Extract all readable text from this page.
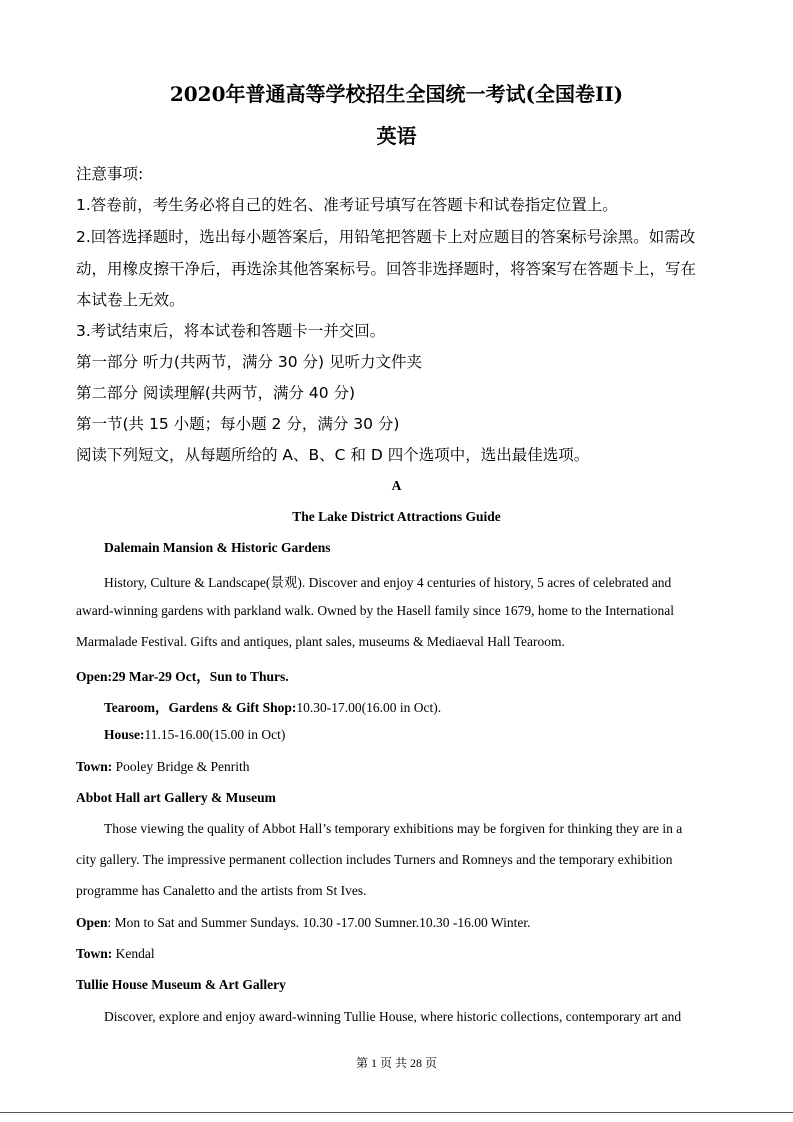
2020年普通高等学校招生全国统一考试(全国卷II)
英语
注意事项:
1.答卷前，考生务必将自己的姓名、准考证号填写在答题卡和试卷指定位置上。
2.回答选择题时，选出每小题答案后，用铅笔把答题卡上对应题目的答案标号涂黑。如需改
动，用橡皮擦干净后，再选涂其他答案标号。回答非选择题时，将答案写在答题卡上，写在
本试卷上无效。
3.考试结束后，将本试卷和答题卡一并交回。
第一部分 听力(共两节，满分 30 分) 见听力文件夹
第二部分 阅读理解(共两节，满分 40 分)
第一节(共 15 小题；每小题 2 分，满分 30 分)
阅读下列短文，从每题所给的 A、B、C 和 D 四个选项中，选出最佳选项。
A
The Lake District Attractions Guide
Dalemain Mansion & Historic Gardens
History, Culture & Landscape(景观). Discover and enjoy 4 centuries of history, 5 acres of celebrated and
award-winning gardens with parkland walk. Owned by the Hasell family since 1679, home to the International
Marmalade Festival. Gifts and antiques, plant sales, museums & Mediaeval Hall Tearoom.
Open:29 Mar-29 Oct，Sun to Thurs.
Tearoom，Gardens & Gift Shop:10.30-17.00(16.00 in Oct).
House:11.15-16.00(15.00 in Oct)
Town: Pooley Bridge & Penrith
Abbot Hall art Gallery & Museum
Those viewing the quality of Abbot Hall’s temporary exhibitions may be forgiven for thinking they are in a
city gallery. The impressive permanent collection includes Turners and Romneys and the temporary exhibition
programme has Canaletto and the artists from St Ives.
Open: Mon to Sat and Summer Sundays. 10.30 -17.00 Sumner.10.30 -16.00 Winter.
Town: Kendal
Tullie House Museum & Art Gallery
Discover, explore and enjoy award-winning Tullie House, where historic collections, contemporary art and
第 1 页 共 28 页
